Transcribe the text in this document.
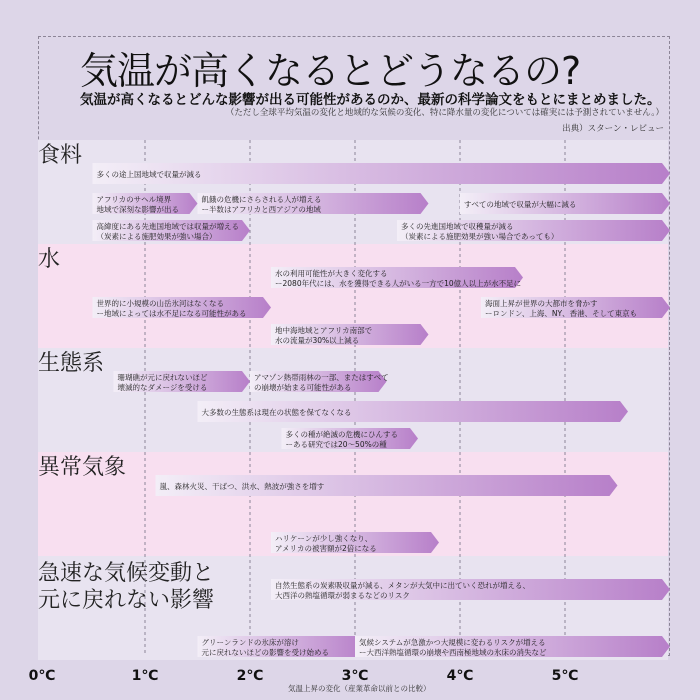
気温が高くなるとどうなるの?
気温が高くなるとどんな影響が出る可能性があるのか、最新の科学論文をもとにまとめました。
（ただし全球平均気温の変化と地域的な気候の変化、特に降水量の変化については確実には予測されていません。）
出典）スターン・レビュー
食料
水
生態系
異常気象
急速な気候変動と
元に戻れない影響
多くの途上国地域で収量が減る
アフリカのサヘル境界
地域で深刻な影響が出る
飢餓の危機にさらされる人が増える
ー半数はアフリカと西アジアの地域
すべての地域で収量が大幅に減る
高緯度にある先進国地域では収量が増える
（炭素による施肥効果が強い場合）
多くの先進国地域で収穫量が減る
（炭素による施肥効果が強い場合であっても）
水の利用可能性が大きく変化する
ー2080年代には、水を獲得できる人がいる一方で10億人以上が水不足に
世界的に小規模の山岳氷河はなくなる
ー地域によっては水不足になる可能性がある
海面上昇が世界の大都市を脅かす
ーロンドン、上海、NY、香港、そして東京も
地中海地域とアフリカ南部で
水の流量が30%以上減る
珊瑚礁が元に戻れないほど
壊滅的なダメージを受ける
アマゾン熱帯雨林の一部、またはすべて
の崩壊が始まる可能性がある
大多数の生態系は現在の状態を保てなくなる
多くの種が絶滅の危機にひんする
ーある研究では20〜50%の種
嵐、森林火災、干ばつ、洪水、熱波が強さを増す
ハリケーンが少し強くなり、
アメリカの被害額が2倍になる
自然生態系の炭素吸収量が減る、メタンが大気中に出ていく恐れが増える、
大西洋の熱塩循環が弱まるなどのリスク
グリーンランドの氷床が溶け
元に戻れないほどの影響を受け始める
気候システムが急激かつ大規模に変わるリスクが増える
ー大西洋熱塩循環の崩壊や西南極地域の氷床の消失など
0℃	1℃	2℃	3℃	4℃	5℃
気温上昇の変化（産業革命以前との比較）
